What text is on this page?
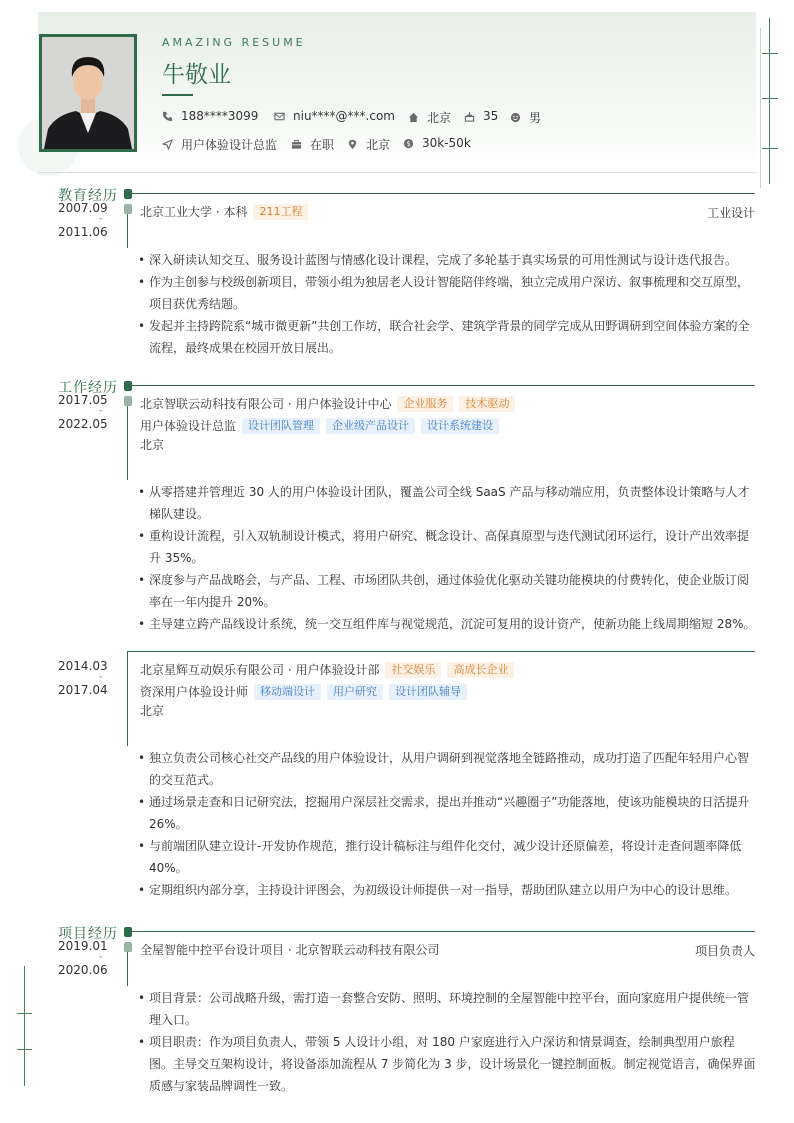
AMAZING RESUME
牛敬业
188****3099	niu****@***.com	北京	35	男
用户体验设计总监	在职	北京 $ 30k-50k
教育经历
2007.09
-
2011.06
北京工业大学 · 本科	211工程	工业设计
• 深入研读认知交互、服务设计蓝图与情感化设计课程，完成了多轮基于真实场景的可用性测试与设计迭代报告。
• 作为主创参与校级创新项目，带领小组为独居老人设计智能陪伴终端，独立完成用户深访、叙事梳理和交互原型，项目获优秀结题。
• 发起并主持跨院系“城市微更新”共创工作坊，联合社会学、建筑学背景的同学完成从田野调研到空间体验方案的全流程，最终成果在校园开放日展出。
工作经历
2017.05
-
2022.05
北京智联云动科技有限公司 · 用户体验设计中心	企业服务	技术驱动
用户体验设计总监	设计团队管理	企业级产品设计	设计系统建设
北京
• 从零搭建并管理近 30 人的用户体验设计团队，覆盖公司全线 SaaS 产品与移动端应用，负责整体设计策略与人才梯队建设。
• 重构设计流程，引入双轨制设计模式，将用户研究、概念设计、高保真原型与迭代测试闭环运行，设计产出效率提升 35%。
• 深度参与产品战略会，与产品、工程、市场团队共创，通过体验优化驱动关键功能模块的付费转化，使企业版订阅率在一年内提升 20%。
• 主导建立跨产品线设计系统，统一交互组件库与视觉规范，沉淀可复用的设计资产，使新功能上线周期缩短 28%。
2014.03
-
2017.04
北京星辉互动娱乐有限公司 · 用户体验设计部	社交娱乐	高成长企业
资深用户体验设计师	移动端设计	用户研究	设计团队辅导
北京
• 独立负责公司核心社交产品线的用户体验设计，从用户调研到视觉落地全链路推动，成功打造了匹配年轻用户心智的交互范式。
• 通过场景走查和日记研究法，挖掘用户深层社交需求，提出并推动“兴趣圈子”功能落地，使该功能模块的日活提升 26%。
• 与前端团队建立设计-开发协作规范，推行设计稿标注与组件化交付，减少设计还原偏差，将设计走查问题率降低 40%。
• 定期组织内部分享，主持设计评图会，为初级设计师提供一对一指导，帮助团队建立以用户为中心的设计思维。
项目经历
2019.01
-
2020.06
全屋智能中控平台设计项目 · 北京智联云动科技有限公司	项目负责人
• 项目背景：公司战略升级，需打造一套整合安防、照明、环境控制的全屋智能中控平台，面向家庭用户提供统一管理入口。
• 项目职责：作为项目负责人，带领 5 人设计小组，对 180 户家庭进行入户深访和情景调查，绘制典型用户旅程图。主导交互架构设计，将设备添加流程从 7 步简化为 3 步，设计场景化一键控制面板。制定视觉语言，确保界面质感与家装品牌调性一致。
